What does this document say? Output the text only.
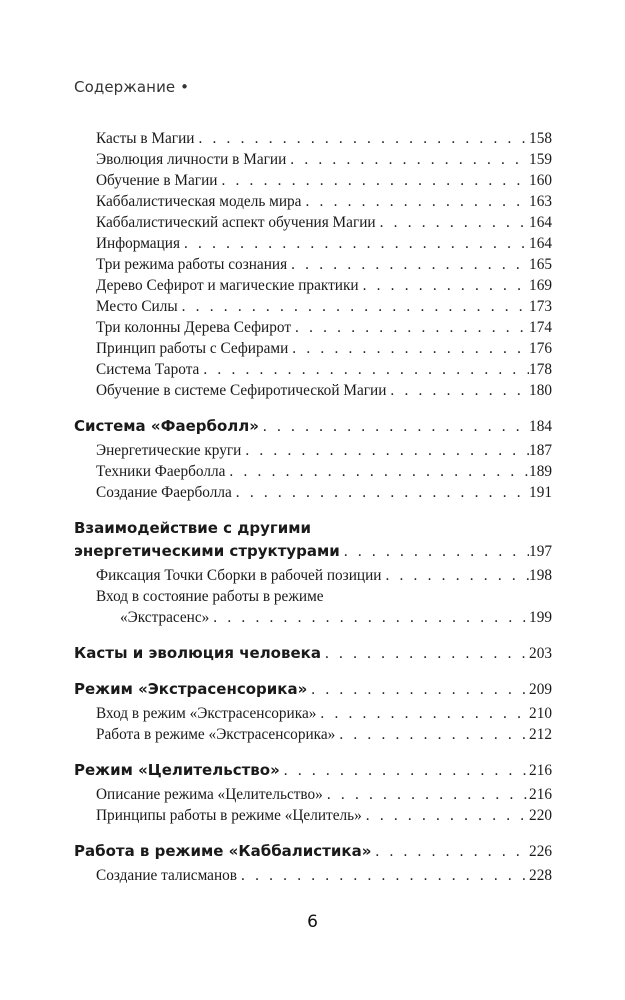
Содержание •
Касты в Магии . . .	158
Эволюция личности в Магии . . .	159
Обучение в Магии . . .	160
Каббалистическая модель мира . . .	163
Каббалистический аспект обучения Магии . . .	164
Информация . . .	164
Три режима работы сознания . . .	165
Дерево Сефирот и магические практики . . .	169
Место Силы . . .	173
Три колонны Дерева Сефирот . . .	174
Принцип работы с Сефирами . . .	176
Система Тарота . . .	178
Обучение в системе Сефиротической Магии . . .	180
Система «Фаерболл» . . .	184
Энергетические круги . . .	187
Техники Фаерболла . . .	189
Создание Фаерболла . . .	191
Взаимодействие с другими
энергетическими структурами . . .	197
Фиксация Точки Сборки в рабочей позиции . . .	198
Вход в состояние работы в режиме
«Экстрасенс» . . .	199
Касты и эволюция человека . . .	203
Режим «Экстрасенсорика» . . .	209
Вход в режим «Экстрасенсорика» . . .	210
Работа в режиме «Экстрасенсорика» . . .	212
Режим «Целительство» . . .	216
Описание режима «Целительство» . . .	216
Принципы работы в режиме «Целитель» . . .	220
Работа в режиме «Каббалистика» . . .	226
Создание талисманов . . .	228
6
